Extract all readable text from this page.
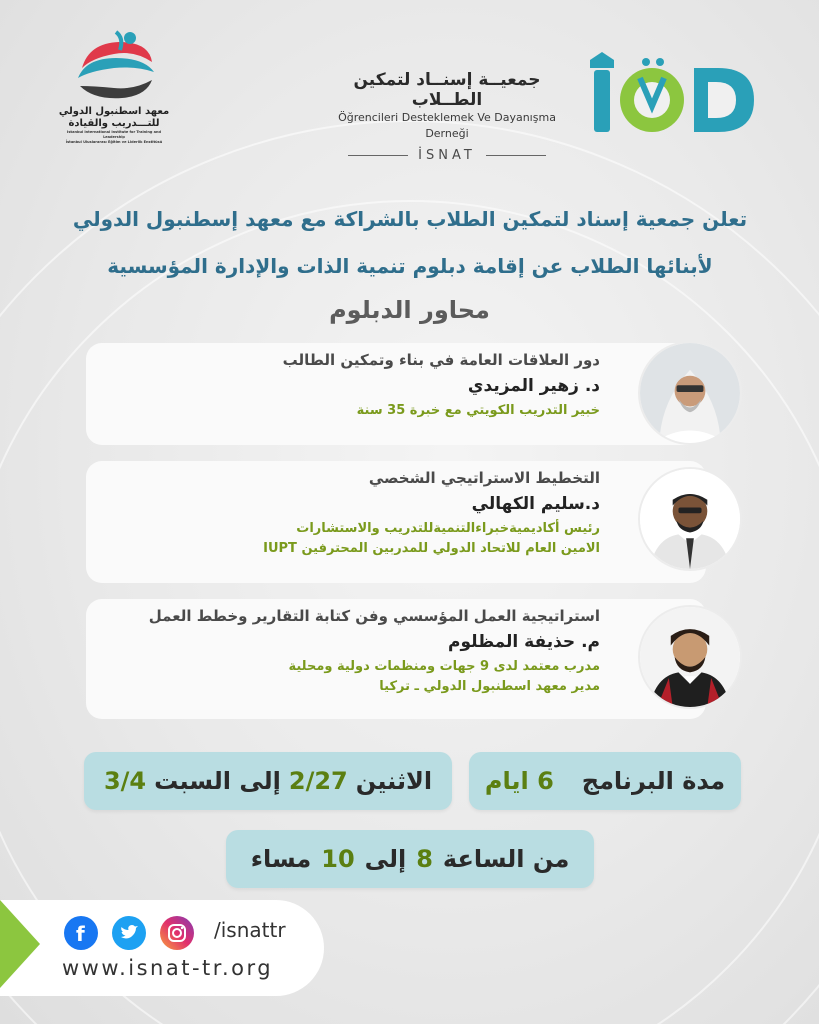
معهد اسطنبول الدولي
للتـــدريب والقيادة
Istanbul International Institute for Training and Leadership
İstanbul Uluslararası Eğitim ve Liderlik Enstitüsü
جمعيــة إسنــاد لتمكين الطــلاب
Öğrencileri Desteklemek Ve Dayanışma Derneği
İSNAT
IOD
تعلن جمعية إسناد لتمكين الطلاب بالشراكة مع معهد إسطنبول الدولي
لأبنائها الطلاب عن إقامة دبلوم تنمية الذات والإدارة المؤسسية
محاور الدبلوم
دور العلاقات العامة في بناء وتمكين الطالب
د. زهير المزيدي
خبير التدريب الكويتي مع خبرة 35 سنة
التخطيط الاستراتيجي الشخصي
د.سليم الكهالي
رئيس أكاديميةخبراءالتنميةللتدريب والاستشارات
الامين العام للاتحاد الدولي للمدربين المحترفين IUPT
استراتيجية العمل المؤسسي وفن كتابة التقارير وخطط العمل
م. حذيفة المظلوم
مدرب معتمد لدى 9 جهات ومنظمات دولية ومحلية
مدير معهد اسطنبول الدولي ـ تركيا
مدة البرنامج
6 ايام
الاثنين
2/27
إلى السبت
3/4
من الساعة
8
إلى
10
مساء
f	/isnattr
www.isnat-tr.org
